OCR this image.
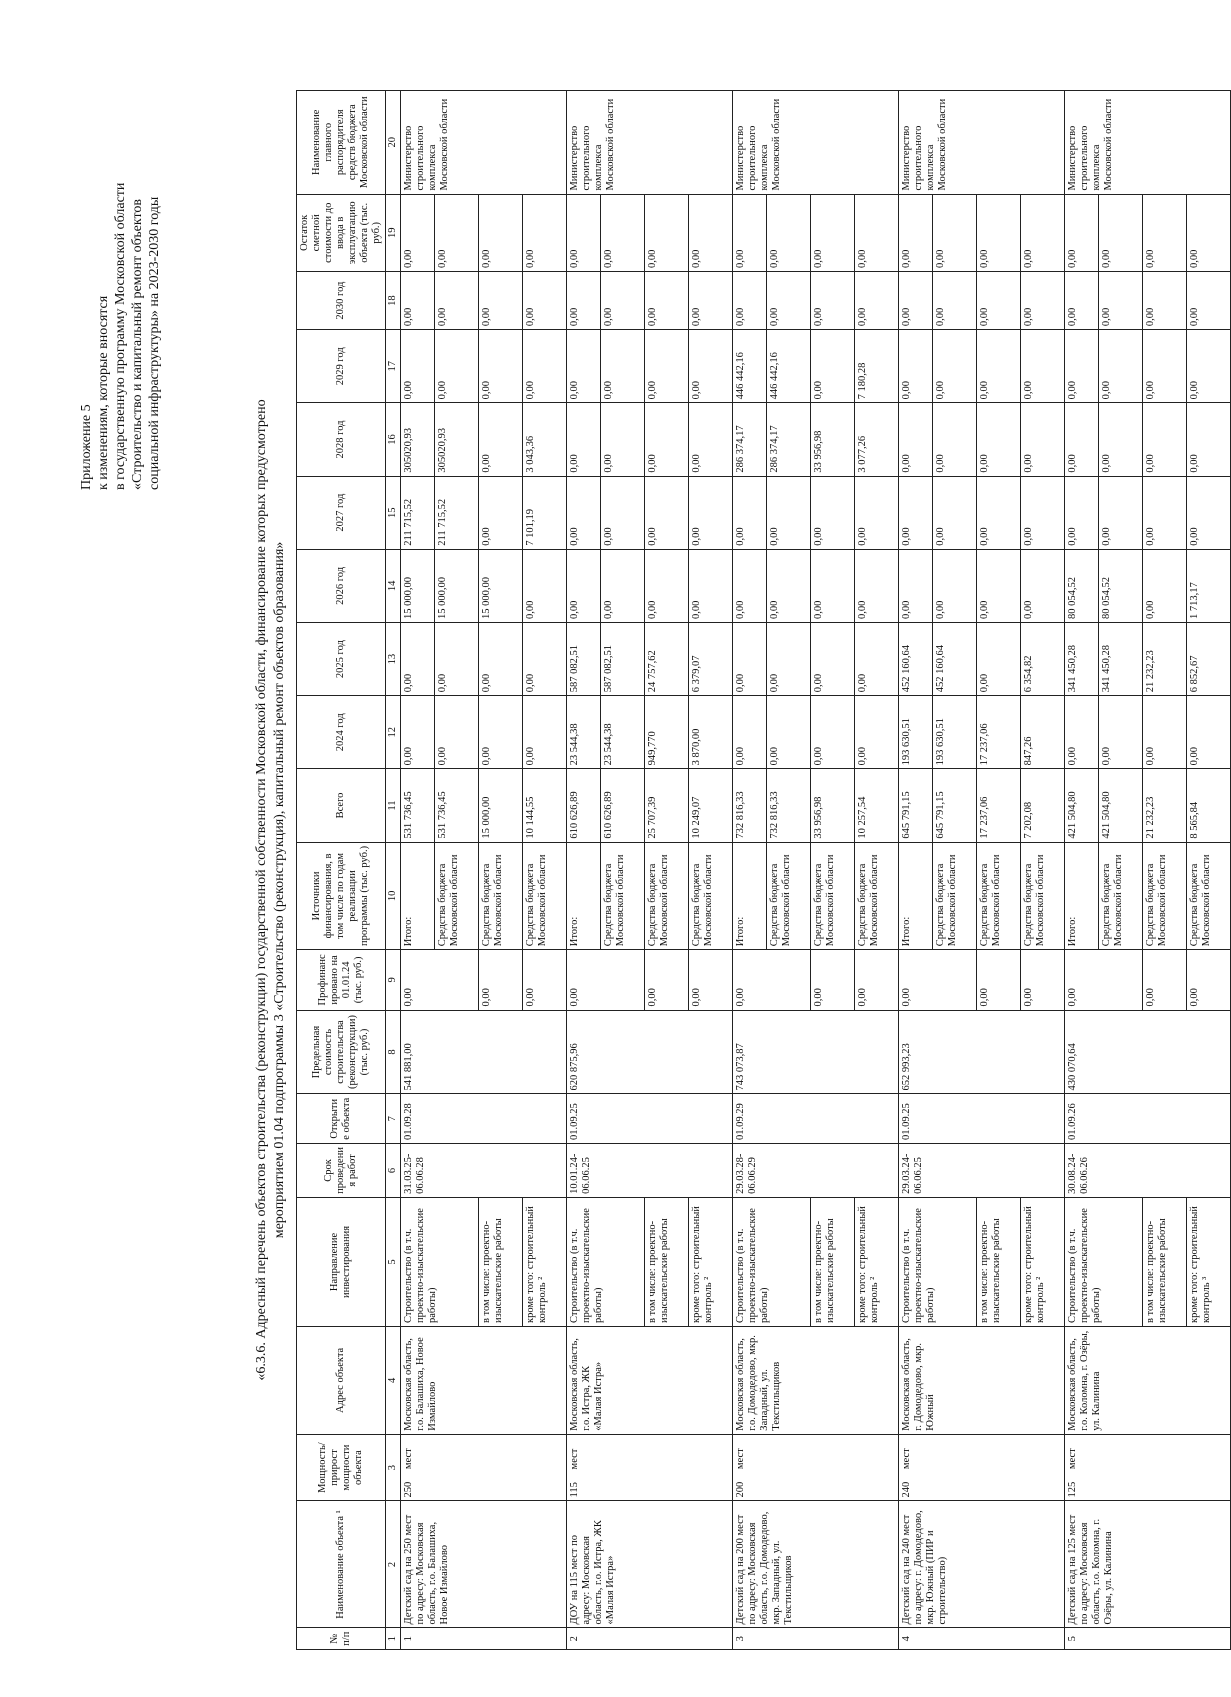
Приложение 5 к изменениям, которые вносятся в государственную программу Московской области «Строительство и капитальный ремонт объектов социальной инфраструктуры» на 2023-2030 годы
«6.3.6. Адресный перечень объектов строительства (реконструкции) государственной собственности Московской области, финансирование которых предусмотрено мероприятием 01.04 подпрограммы 3 «Строительство (реконструкция), капитальный ремонт объектов образования»
№ п/п	Наименование объекта ¹	Мощность/ прирост мощности объекта	Адрес объекта	Направление инвестирования	Срок проведения работ	Открытие объекта	Предельная стоимость строительства (реконструкции) (тыс. руб.)	Профинансировано на 01.01.24 (тыс. руб.)	Источники финансирования, в том числе по годам реализации программы (тыс. руб.)	Всего	2024 год	2025 год	2026 год	2027 год	2028 год	2029 год	2030 год	Остаток сметной стоимости до ввода в эксплуатацию объекта (тыс. руб.)	Наименование главного распорядителя средств бюджета Московской области
1	2	3	4	5	6	7	8	9	10	11	12	13	14	15	16	17	18	19	20
1	Детский сад на 250 мест по адресу: Московская область, г.о. Балашиха, Новое Измайлово	250 мест	Московская область, г.о. Балашиха, Новое Измайлово	Строительство (в т.ч. проектно-изыскательские работы)	31.03.25-06.06.28	01.09.28	541 881,00	0,00	Итого:	531 736,45	0,00	0,00	15 000,00	211 715,52	305020,93	0,00	0,00	0,00	Министерство строительного комплекса Московской области
									Средства бюджета Московской области	531 736,45	0,00	0,00	15 000,00	211 715,52	305020,93	0,00	0,00	0,00	
				в том числе: проектно-изыскательские работы				0,00	Средства бюджета Московской области	15 000,00	0,00	0,00	15 000,00	0,00	0,00	0,00	0,00	0,00	
				кроме того: строительный контроль ²				0,00	Средства бюджета Московской области	10 144,55	0,00	0,00	0,00	7 101,19	3 043,36	0,00	0,00	0,00	
2	ДОУ на 115 мест по адресу: Московская область, г.о. Истра, ЖК «Малая Истра»	115 мест	Московская область, г.о. Истра, ЖК «Малая Истра»	Строительство (в т.ч. проектно-изыскательские работы)	10.01.24-06.06.25	01.09.25	620 875,96	0,00	Итого:	610 626,89	23 544,38	587 082,51	0,00	0,00	0,00	0,00	0,00	0,00	Министерство строительного комплекса Московской области
									Средства бюджета Московской области	610 626,89	23 544,38	587 082,51	0,00	0,00	0,00	0,00	0,00	0,00	
				в том числе: проектно-изыскательские работы				0,00	Средства бюджета Московской области	25 707,39	949,770	24 757,62	0,00	0,00	0,00	0,00	0,00	0,00	
				кроме того: строительный контроль ²				0,00	Средства бюджета Московской области	10 249,07	3 870,00	6 379,07	0,00	0,00	0,00	0,00	0,00	0,00	
3	Детский сад на 200 мест по адресу: Московская область, г.о. Домодедово, мкр. Западный, ул. Текстильщиков	200 мест	Московская область, г.о. Домодедово, мкр. Западный, ул. Текстильщиков	Строительство (в т.ч. проектно-изыскательские работы)	29.03.28-06.06.29	01.09.29	743 073,87	0,00	Итого:	732 816,33	0,00	0,00	0,00	0,00	286 374,17	446 442,16	0,00	0,00	Министерство строительного комплекса Московской области
									Средства бюджета Московской области	732 816,33	0,00	0,00	0,00	0,00	286 374,17	446 442,16	0,00	0,00	
				в том числе: проектно-изыскательские работы				0,00	Средства бюджета Московской области	33 956,98	0,00	0,00	0,00	0,00	33 956,98	0,00	0,00	0,00	
				кроме того: строительный контроль ²				0,00	Средства бюджета Московской области	10 257,54	0,00	0,00	0,00	0,00	3 077,26	7 180,28	0,00	0,00	
4	Детский сад на 240 мест по адресу: г. Домодедово, мкр. Южный (ПИР и строительство)	240 мест	Московская область, г. Домодедово, мкр. Южный	Строительство (в т.ч. проектно-изыскательские работы)	29.03.24-06.06.25	01.09.25	652 993,23	0,00	Итого:	645 791,15	193 630,51	452 160,64	0,00	0,00	0,00	0,00	0,00	0,00	Министерство строительного комплекса Московской области
									Средства бюджета Московской области	645 791,15	193 630,51	452 160,64	0,00	0,00	0,00	0,00	0,00	0,00	
				в том числе: проектно-изыскательские работы				0,00	Средства бюджета Московской области	17 237,06	17 237,06	0,00	0,00	0,00	0,00	0,00	0,00	0,00	
				кроме того: строительный контроль ²				0,00	Средства бюджета Московской области	7 202,08	847,26	6 354,82	0,00	0,00	0,00	0,00	0,00	0,00	
5	Детский сад на 125 мест по адресу: Московская область, г.о. Коломна, г. Озёры, ул. Калинина	125 мест	Московская область, г.о. Коломна, г. Озёры, ул. Калинина	Строительство (в т.ч. проектно-изыскательские работы)	30.08.24-06.06.26	01.09.26	430 070,64	0,00	Итого:	421 504,80	0,00	341 450,28	80 054,52	0,00	0,00	0,00	0,00	0,00	Министерство строительного комплекса Московской области
									Средства бюджета Московской области	421 504,80	0,00	341 450,28	80 054,52	0,00	0,00	0,00	0,00	0,00	
				в том числе: проектно-изыскательские работы				0,00	Средства бюджета Московской области	21 232,23	0,00	21 232,23	0,00	0,00	0,00	0,00	0,00	0,00	
				кроме того: строительный контроль ³				0,00	Средства бюджета Московской области	8 565,84	0,00	6 852,67	1 713,17	0,00	0,00	0,00	0,00	0,00	
